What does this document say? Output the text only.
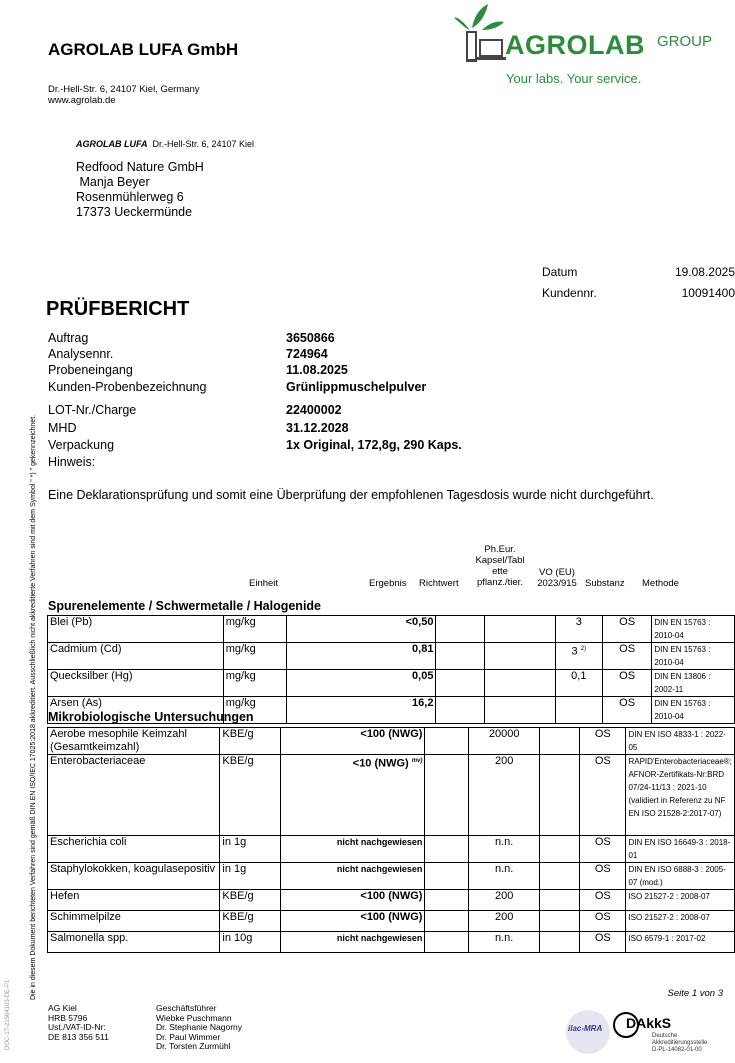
AGROLAB LUFA GmbH
Dr.-Hell-Str. 6, 24107 Kiel, Germany
www.agrolab.de
AGROLAB GROUP
Your labs. Your service.
AGROLAB LUFA Dr.-Hell-Str. 6, 24107 Kiel
Redfood Nature GmbH
Manja Beyer
Rosenmühlerweg 6
17373 Ueckermünde
Datum	19.08.2025
Kundennr.	10091400
PRÜFBERICHT
Auftrag	3650866
Analysennr.	724964
Probeneingang	11.08.2025
Kunden-Probenbezeichnung	Grünlippmuschelpulver
LOT-Nr./Charge	22400002
MHD	31.12.2028
Verpackung	1x Original, 172,8g, 290 Kaps.
Hinweis:
Eine Deklarationsprüfung und somit eine Überprüfung der empfohlenen Tagesdosis wurde nicht durchgeführt.
Einheit	Ergebnis Richtwert
Ph.Eur.
Kapsel/Tabl
ette
pflanz./tier.
VO (EU)
2023/915 Substanz Methode
Spurenelemente / Schwermetalle / Halogenide
Blei (Pb)	mg/kg	<0,50			3	OS	DIN EN 15763 : 2010-04
Cadmium (Cd)	mg/kg	0,81			3 $^{2)}$	OS	DIN EN 15763 : 2010-04
Quecksilber (Hg)	mg/kg	0,05			0,1	OS	DIN EN 13806 : 2002-11
Arsen (As)	mg/kg	16,2				OS	DIN EN 15763 : 2010-04
Mikrobiologische Untersuchungen
Aerobe mesophile Keimzahl (Gesamtkeimzahl)	KBE/g	<100 (NWG)		20000		OS	DIN EN ISO 4833-1 : 2022-05
Enterobacteriaceae	KBE/g	<10 (NWG) $^{mv)}$		200		OS	RAPID'Enterobacteriaceae®; AFNOR-Zertifikats-Nr:BRD 07/24-11/13 : 2021-10 (validiert in Referenz zu NF EN ISO 21528-2:2017-07)
Escherichia coli	in 1g	nicht nachgewiesen		n.n.		OS	DIN EN ISO 16649-3 : 2018-01
Staphylokokken, koagulasepositiv	in 1g	nicht nachgewiesen		n.n.		OS	DIN EN ISO 6888-3 : 2005-07 (mod.)
Hefen	KBE/g	<100 (NWG)		200		OS	ISO 21527-2 : 2008-07
Schimmelpilze	KBE/g	<100 (NWG)		200		OS	ISO 21527-2 : 2008-07
Salmonella spp.	in 10g	nicht nachgewiesen		n.n.		OS	ISO 6579-1 : 2017-02
Die in diesem Dokument berichteten Verfahren sind gemäß DIN EN ISO/IEC 17025:2018 akkreditiert. Ausschließlich nicht akkreditierte Verfahren sind mit dem Symbol " *) " gekennzeichnet.
DOC-17-21564103-DE-P1	Seite 1 von 3
AG Kiel
HRB 5796
Ust./VAT-ID-Nr:
DE 813 356 511
Geschäftsführer
Wiebke Puschmann
Dr. Stephanie Nagorny
Dr. Paul Wimmer
Dr. Torsten Zurmühl
ilac-MRA DAkkS
Deutsche
Akkreditierungsstelle
D-PL-14082-01-00
